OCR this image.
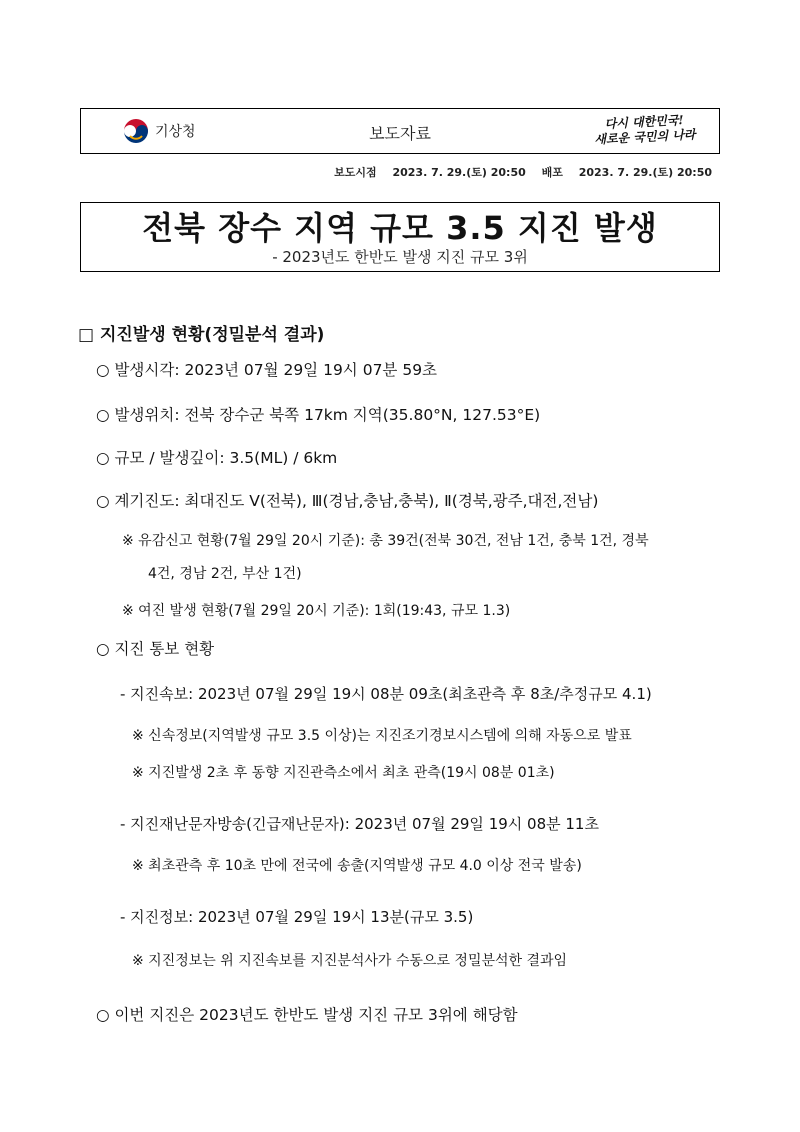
기상청	보도자료
다시 대한민국!
새로운 국민의 나라
보도시점 2023. 7. 29.(토) 20:50 배포 2023. 7. 29.(토) 20:50
전북 장수 지역 규모 3.5 지진 발생
- 2023년도 한반도 발생 지진 규모 3위
□ 지진발생 현황(정밀분석 결과)
○ 발생시각: 2023년 07월 29일 19시 07분 59초
○ 발생위치: 전북 장수군 북쪽 17km 지역(35.80°N, 127.53°E)
○ 규모 / 발생깊이: 3.5(ML) / 6km
○ 계기진도: 최대진도 Ⅴ(전북), Ⅲ(경남,충남,충북), Ⅱ(경북,광주,대전,전남)
※ 유감신고 현황(7월 29일 20시 기준): 총 39건(전북 30건, 전남 1건, 충북 1건, 경북
4건, 경남 2건, 부산 1건)
※ 여진 발생 현황(7월 29일 20시 기준): 1회(19:43, 규모 1.3)
○ 지진 통보 현황
- 지진속보: 2023년 07월 29일 19시 08분 09초(최초관측 후 8초/추정규모 4.1)
※ 신속정보(지역발생 규모 3.5 이상)는 지진조기경보시스템에 의해 자동으로 발표
※ 지진발생 2초 후 동향 지진관측소에서 최초 관측(19시 08분 01초)
- 지진재난문자방송(긴급재난문자): 2023년 07월 29일 19시 08분 11초
※ 최초관측 후 10초 만에 전국에 송출(지역발생 규모 4.0 이상 전국 발송)
- 지진정보: 2023년 07월 29일 19시 13분(규모 3.5)
※ 지진정보는 위 지진속보를 지진분석사가 수동으로 정밀분석한 결과임
○ 이번 지진은 2023년도 한반도 발생 지진 규모 3위에 해당함
